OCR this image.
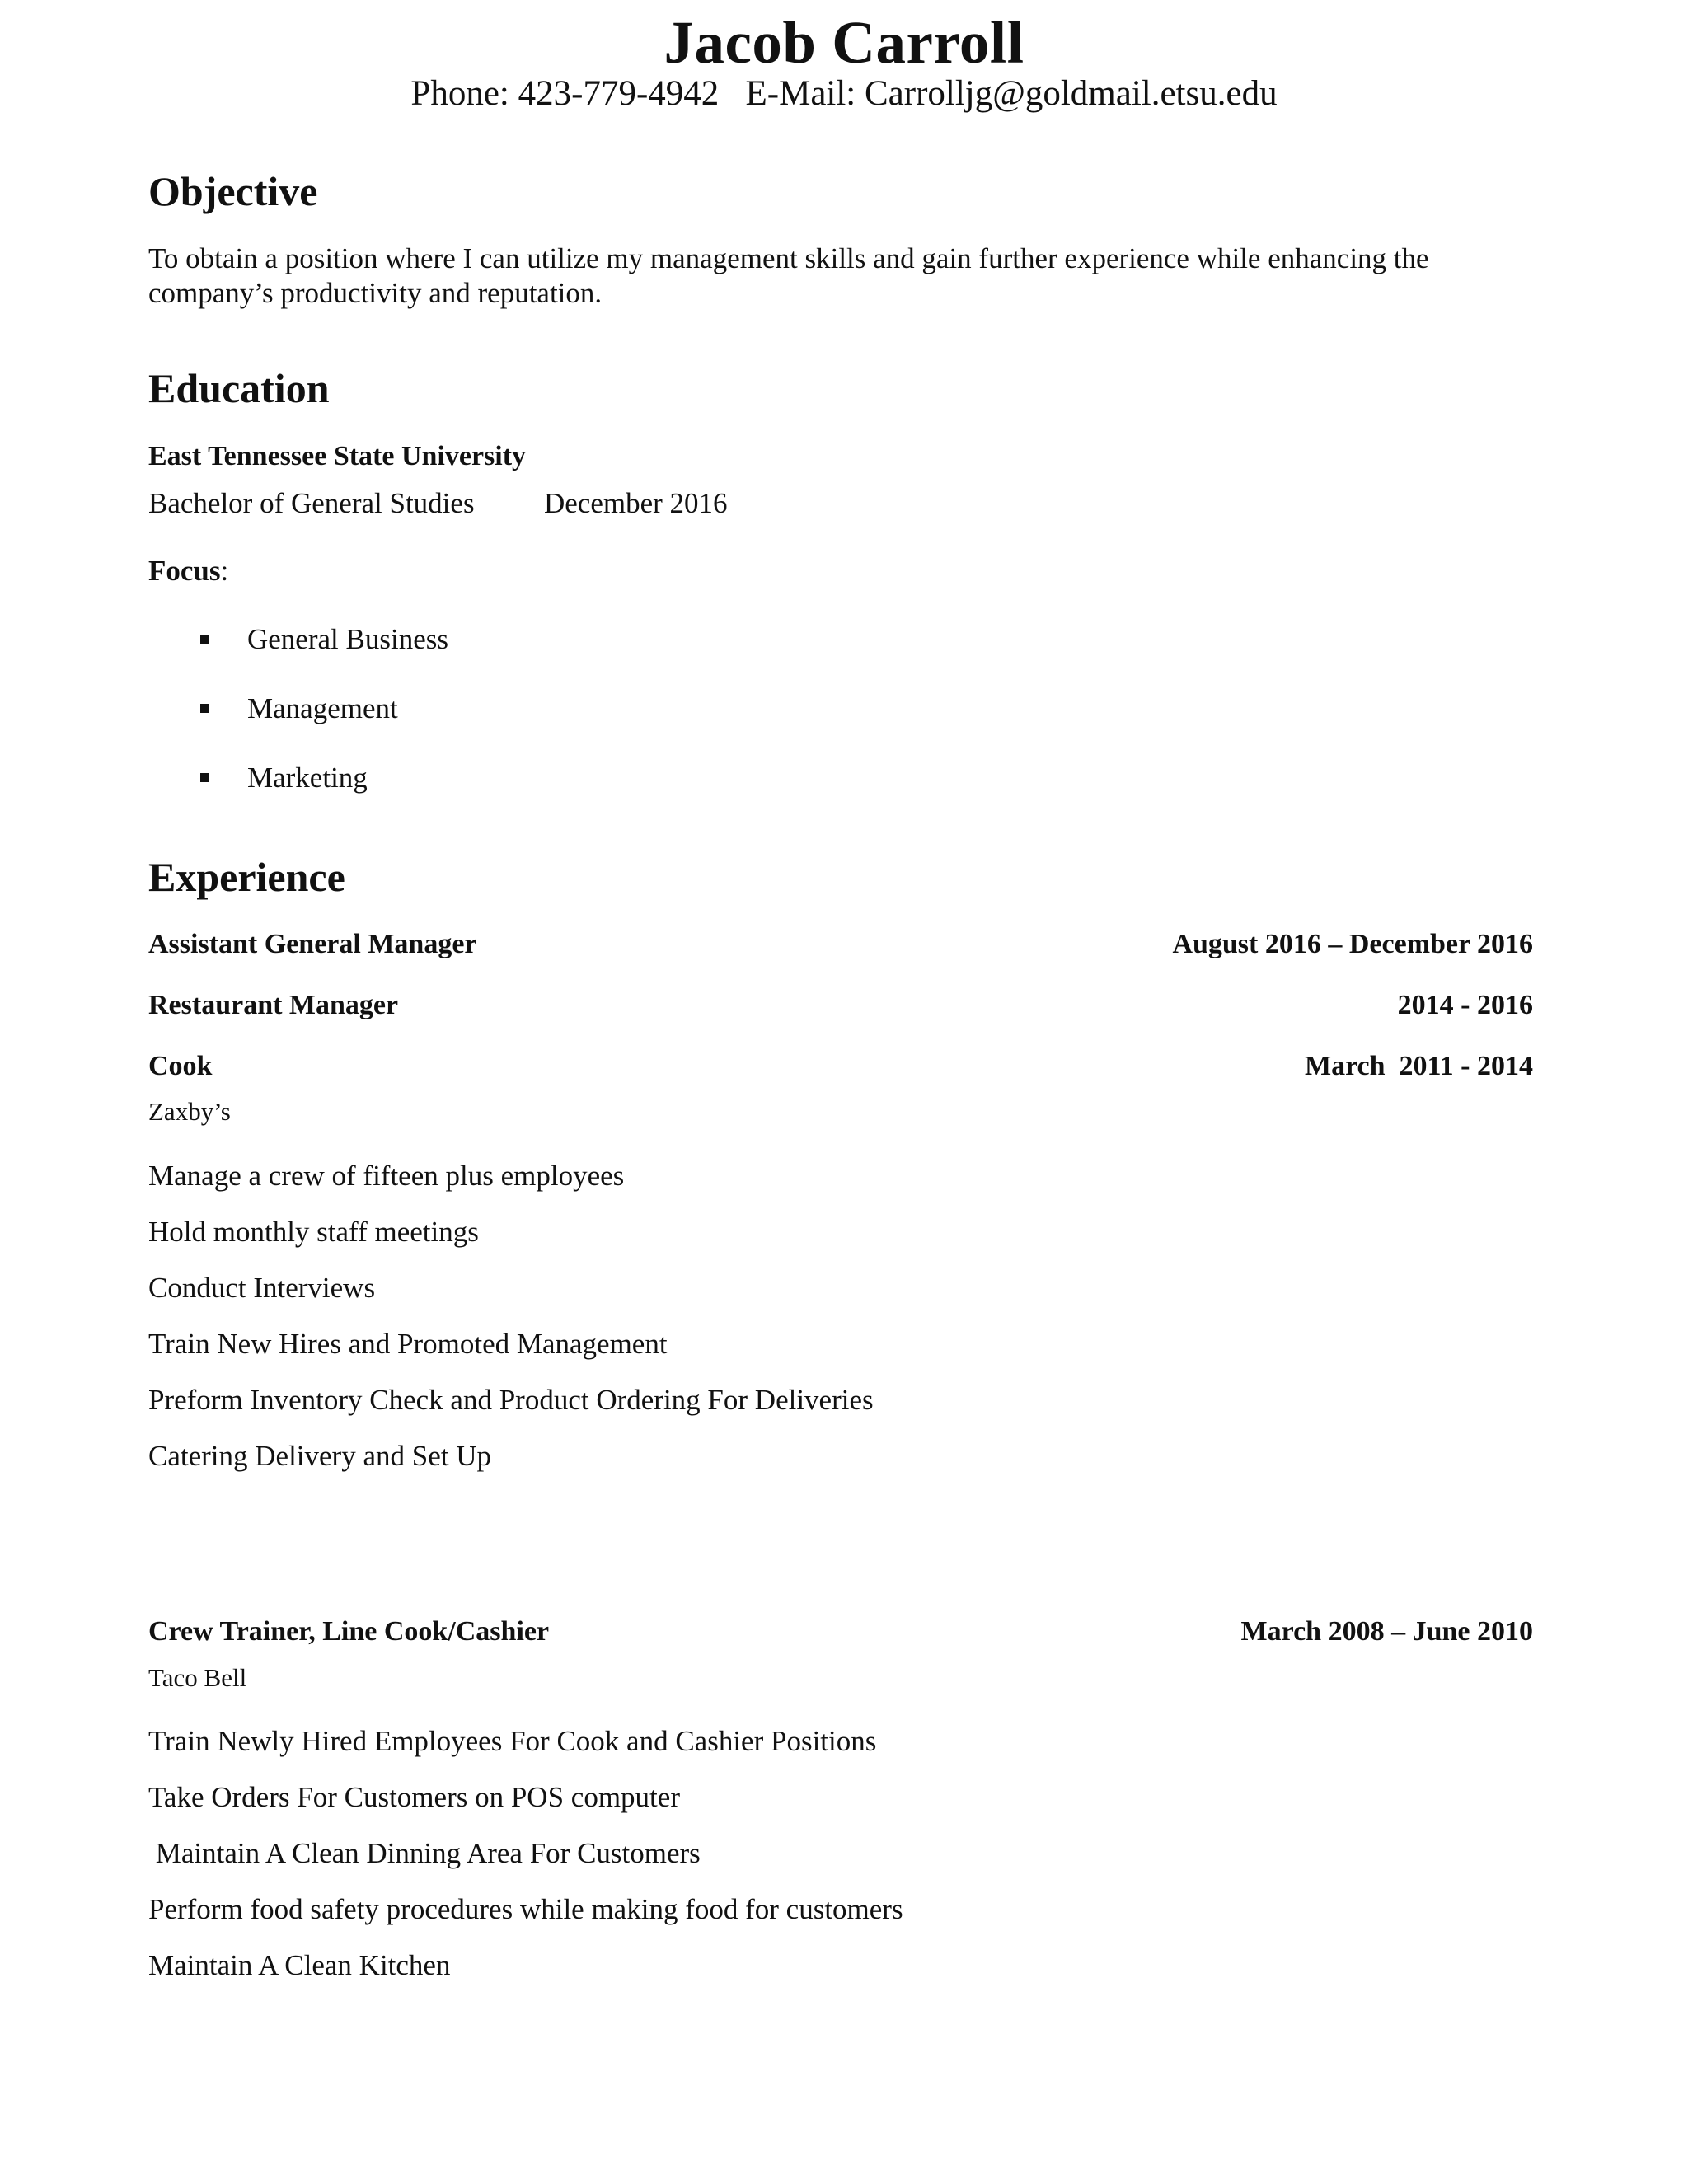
Jacob Carroll
Phone: 423-779-4942   E-Mail: Carrolljg@goldmail.etsu.edu
Objective
To obtain a position where I can utilize my management skills and gain further experience while enhancing the company’s productivity and reputation.
Education
East Tennessee State University
Bachelor of General Studies December 2016
Focus:
General Business
Management
Marketing
Experience
Assistant General Manager	August 2016 – December 2016
Restaurant Manager	2014 - 2016
Cook	March  2011 - 2014
Zaxby’s
Manage a crew of fifteen plus employees
Hold monthly staff meetings
Conduct Interviews
Train New Hires and Promoted Management
Preform Inventory Check and Product Ordering For Deliveries
Catering Delivery and Set Up
Crew Trainer, Line Cook/Cashier	March 2008 – June 2010
Taco Bell
Train Newly Hired Employees For Cook and Cashier Positions
Take Orders For Customers on POS computer
Maintain A Clean Dinning Area For Customers
Perform food safety procedures while making food for customers
Maintain A Clean Kitchen
